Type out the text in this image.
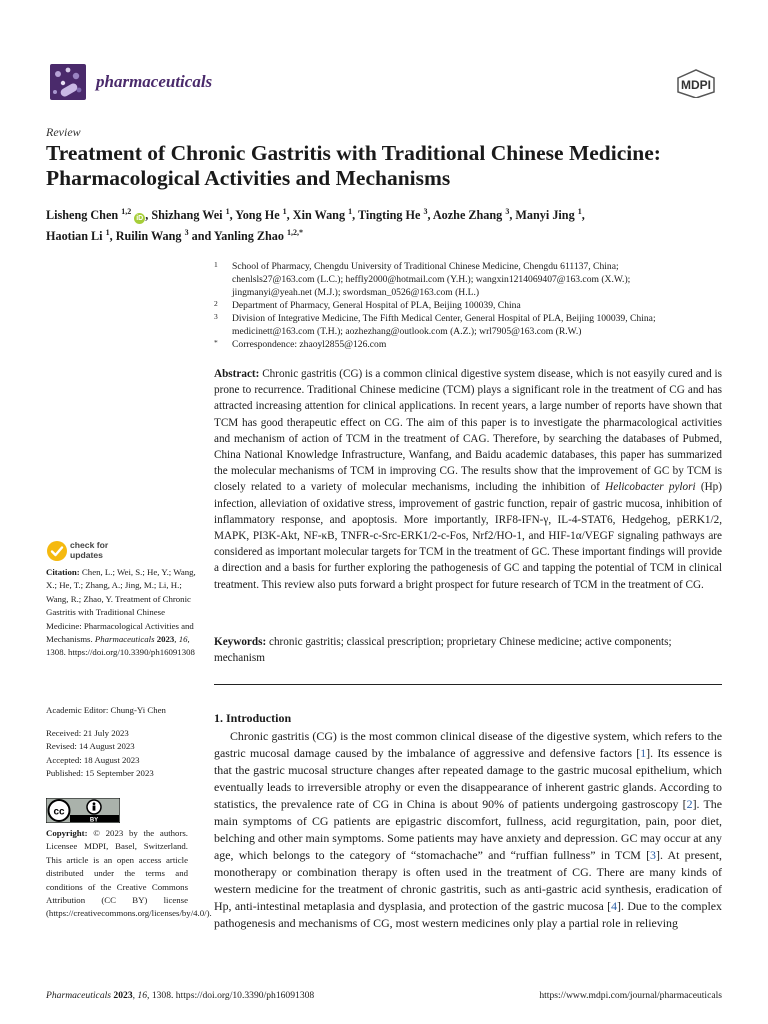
pharmaceuticals	MDPI
Review
Treatment of Chronic Gastritis with Traditional Chinese Medicine: Pharmacological Activities and Mechanisms
Lisheng Chen $^{1,2}$ iD , Shizhang Wei $^1$, Yong He $^1$, Xin Wang $^1$, Tingting He $^3$, Aozhe Zhang $^3$, Manyi Jing $^1$,
Haotian Li $^1$, Ruilin Wang $^3$ and Yanling Zhao $^{1,2,*}$
1 School of Pharmacy, Chengdu University of Traditional Chinese Medicine, Chengdu 611137, China;
chenlsls27@163.com (L.C.); heffly2000@hotmail.com (Y.H.); wangxin1214069407@163.com (X.W.);
jingmanyi@yeah.net (M.J.); swordsman_0526@163.com (H.L.)
2 Department of Pharmacy, General Hospital of PLA, Beijing 100039, China
3 Division of Integrative Medicine, The Fifth Medical Center, General Hospital of PLA, Beijing 100039, China;
medicinett@163.com (T.H.); aozhezhang@outlook.com (A.Z.); wrl7905@163.com (R.W.)
* Correspondence: zhaoyl2855@126.com
Abstract: Chronic gastritis (CG) is a common clinical digestive system disease, which is not easyily cured and is prone to recurrence. Traditional Chinese medicine (TCM) plays a significant role in the treatment of CG and has attracted increasing attention for clinical applications. In recent years, a large number of reports have shown that TCM has good therapeutic effect on CG. The aim of this paper is to investigate the pharmacological activities and mechanism of action of TCM in the treatment of CAG. Therefore, by searching the databases of Pubmed, China National Knowledge Infrastructure, Wanfang, and Baidu academic databases, this paper has summarized the molecular mechanisms of TCM in improving CG. The results show that the improvement of GC by TCM is closely related to a variety of molecular mechanisms, including the inhibition of Helicobacter pylori (Hp) infection, alleviation of oxidative stress, improvement of gastric function, repair of gastric mucosa, inhibition of inflammatory response, and apoptosis. More importantly, IRF8-IFN-γ, IL-4-STAT6, Hedgehog, pERK1/2, MAPK, PI3K-Akt, NF-κB, TNFR-c-Src-ERK1/2-c-Fos, Nrf2/HO-1, and HIF-1α/VEGF signaling pathways are considered as important molecular targets for TCM in the treatment of GC. These important findings will provide a direction and a basis for further exploring the pathogenesis of GC and tapping the potential of TCM in clinical treatment. This review also puts forward a bright prospect for future research of TCM in the treatment of CG.
Keywords: chronic gastritis; classical prescription; proprietary Chinese medicine; active components; mechanism
1. Introduction
Chronic gastritis (CG) is the most common clinical disease of the digestive system, which refers to the gastric mucosal damage caused by the imbalance of aggressive and defensive factors [1]. Its essence is that the gastric mucosal structure changes after repeated damage to the gastric mucosal epithelium, which eventually leads to irreversible atrophy or even the disappearance of inherent gastric glands. According to statistics, the prevalence rate of CG in China is about 90% of patients undergoing gastroscopy [2]. The main symptoms of CG patients are epigastric discomfort, fullness, acid regurgitation, pain, poor diet, belching and other main symptoms. Some patients may have anxiety and depression. GC may occur at any age, which belongs to the category of “stomachache” and “ruffian fullness” in TCM [3]. At present, monotherapy or combination therapy is often used in the treatment of CG. There are many kinds of western medicine for the treatment of chronic gastritis, such as anti-gastric acid synthesis, eradication of Hp, anti-intestinal metaplasia and dysplasia, and protection of the gastric mucosa [4]. Due to the complex pathogenesis and mechanisms of CG, most western medicines only play a partial role in relieving
check for
updates
Citation: Chen, L.; Wei, S.; He, Y.; Wang, X.; He, T.; Zhang, A.; Jing, M.; Li, H.; Wang, R.; Zhao, Y. Treatment of Chronic Gastritis with Traditional Chinese Medicine: Pharmacological Activities and Mechanisms. Pharmaceuticals 2023, 16, 1308. https://doi.org/10.3390/ph16091308
Academic Editor: Chung-Yi Chen
Received: 21 July 2023
Revised: 14 August 2023
Accepted: 18 August 2023
Published: 15 September 2023
cc
BY
Copyright: © 2023 by the authors. Licensee MDPI, Basel, Switzerland. This article is an open access article distributed under the terms and conditions of the Creative Commons Attribution (CC BY) license (https://creativecommons.org/licenses/by/4.0/).
Pharmaceuticals 2023, 16, 1308. https://doi.org/10.3390/ph16091308	https://www.mdpi.com/journal/pharmaceuticals
